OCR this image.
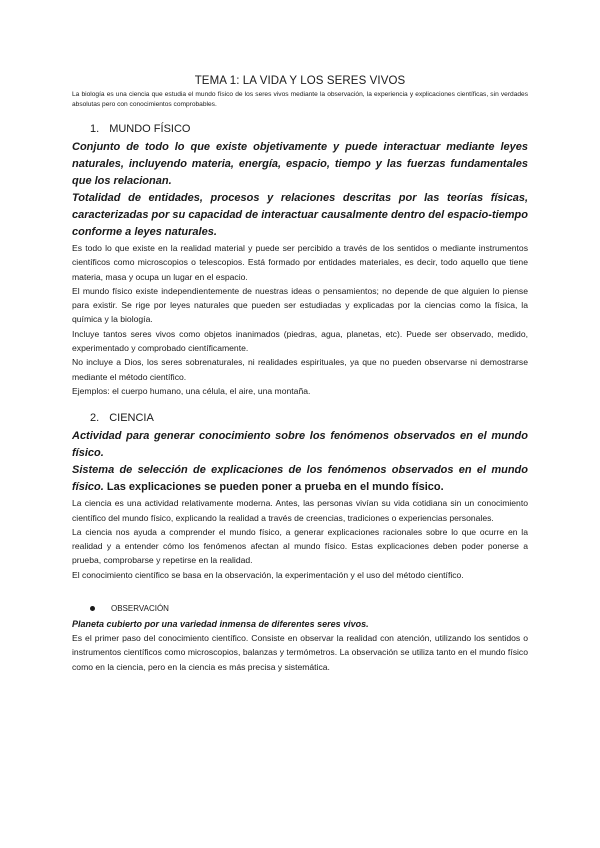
TEMA 1: LA VIDA Y LOS SERES VIVOS

La biología es una ciencia que estudia el mundo físico de los seres vivos mediante la observación, la experiencia y explicaciones científicas, sin verdades absolutas pero con conocimientos comprobables.

1. MUNDO FÍSICO

Conjunto de todo lo que existe objetivamente y puede interactuar mediante leyes naturales, incluyendo materia, energía, espacio, tiempo y las fuerzas fundamentales que los relacionan.

Totalidad de entidades, procesos y relaciones descritas por las teorías físicas, caracterizadas por su capacidad de interactuar causalmente dentro del espacio-tiempo conforme a leyes naturales.

Es todo lo que existe en la realidad material y puede ser percibido a través de los sentidos o mediante instrumentos científicos como microscopios o telescopios. Está formado por entidades materiales, es decir, todo aquello que tiene materia, masa y ocupa un lugar en el espacio.

El mundo físico existe independientemente de nuestras ideas o pensamientos; no depende de que alguien lo piense para existir. Se rige por leyes naturales que pueden ser estudiadas y explicadas por la ciencias como la física, la química y la biología.

Incluye tantos seres vivos como objetos inanimados (piedras, agua, planetas, etc). Puede ser observado, medido, experimentado y comprobado científicamente.

No incluye a Dios, los seres sobrenaturales, ni realidades espirituales, ya que no pueden observarse ni demostrarse mediante el método científico.

Ejemplos: el cuerpo humano, una célula, el aire, una montaña.

2. CIENCIA

Actividad para generar conocimiento sobre los fenómenos observados en el mundo físico.

Sistema de selección de explicaciones de los fenómenos observados en el mundo físico. Las explicaciones se pueden poner a prueba en el mundo físico.

La ciencia es una actividad relativamente moderna. Antes, las personas vivían su vida cotidiana sin un conocimiento científico del mundo físico, explicando la realidad a través de creencias, tradiciones o experiencias personales.

La ciencia nos ayuda a comprender el mundo físico, a generar explicaciones racionales sobre lo que ocurre en la realidad y a entender cómo los fenómenos afectan al mundo físico. Estas explicaciones deben poder ponerse a prueba, comprobarse y repetirse en la realidad.

El conocimiento científico se basa en la observación, la experimentación y el uso del método científico.

OBSERVACIÓN

Planeta cubierto por una variedad inmensa de diferentes seres vivos.

Es el primer paso del conocimiento científico. Consiste en observar la realidad con atención, utilizando los sentidos o instrumentos científicos como microscopios, balanzas y termómetros. La observación se utiliza tanto en el mundo físico como en la ciencia, pero en la ciencia es más precisa y sistemática.
